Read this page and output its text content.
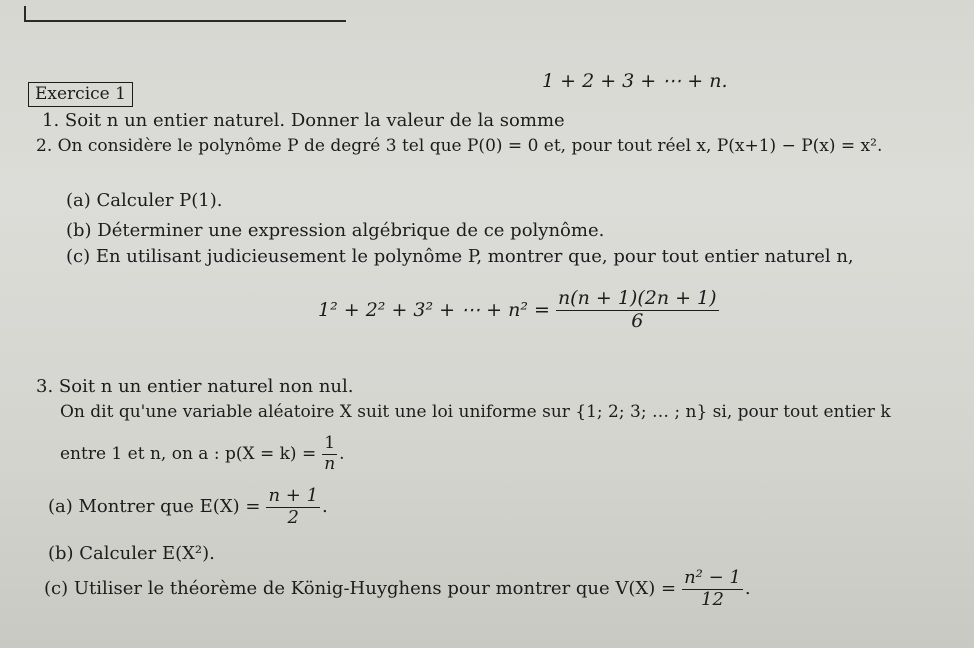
Exercice 1
1. Soit n un entier naturel. Donner la valeur de la somme
1 + 2 + 3 + ⋯ + n.
2. On considère le polynôme P de degré 3 tel que P(0) = 0 et, pour tout réel x, P(x+1) − P(x) = x².
(a) Calculer P(1).
(b) Déterminer une expression algébrique de ce polynôme.
(c) En utilisant judicieusement le polynôme P, montrer que, pour tout entier naturel n,
1² + 2² + 3² + ⋯ + $n^2 = \frac{n(n + 1)(2n + 1)}{6}$
3. Soit n un entier naturel non nul.
On dit qu'une variable aléatoire X suit une loi uniforme sur {1; 2; 3; … ; n} si, pour tout entier k
entre 1 et n, on a : $p(X = k) = \frac{1}{n}$ .
(a) Montrer que $E(X) = \frac{n + 1}{2}$ .
(b) Calculer E(X²).
(c) Utiliser le théorème de König-Huyghens pour montrer que $V(X) = \frac{\text{n² − 1}}{12}$ .
